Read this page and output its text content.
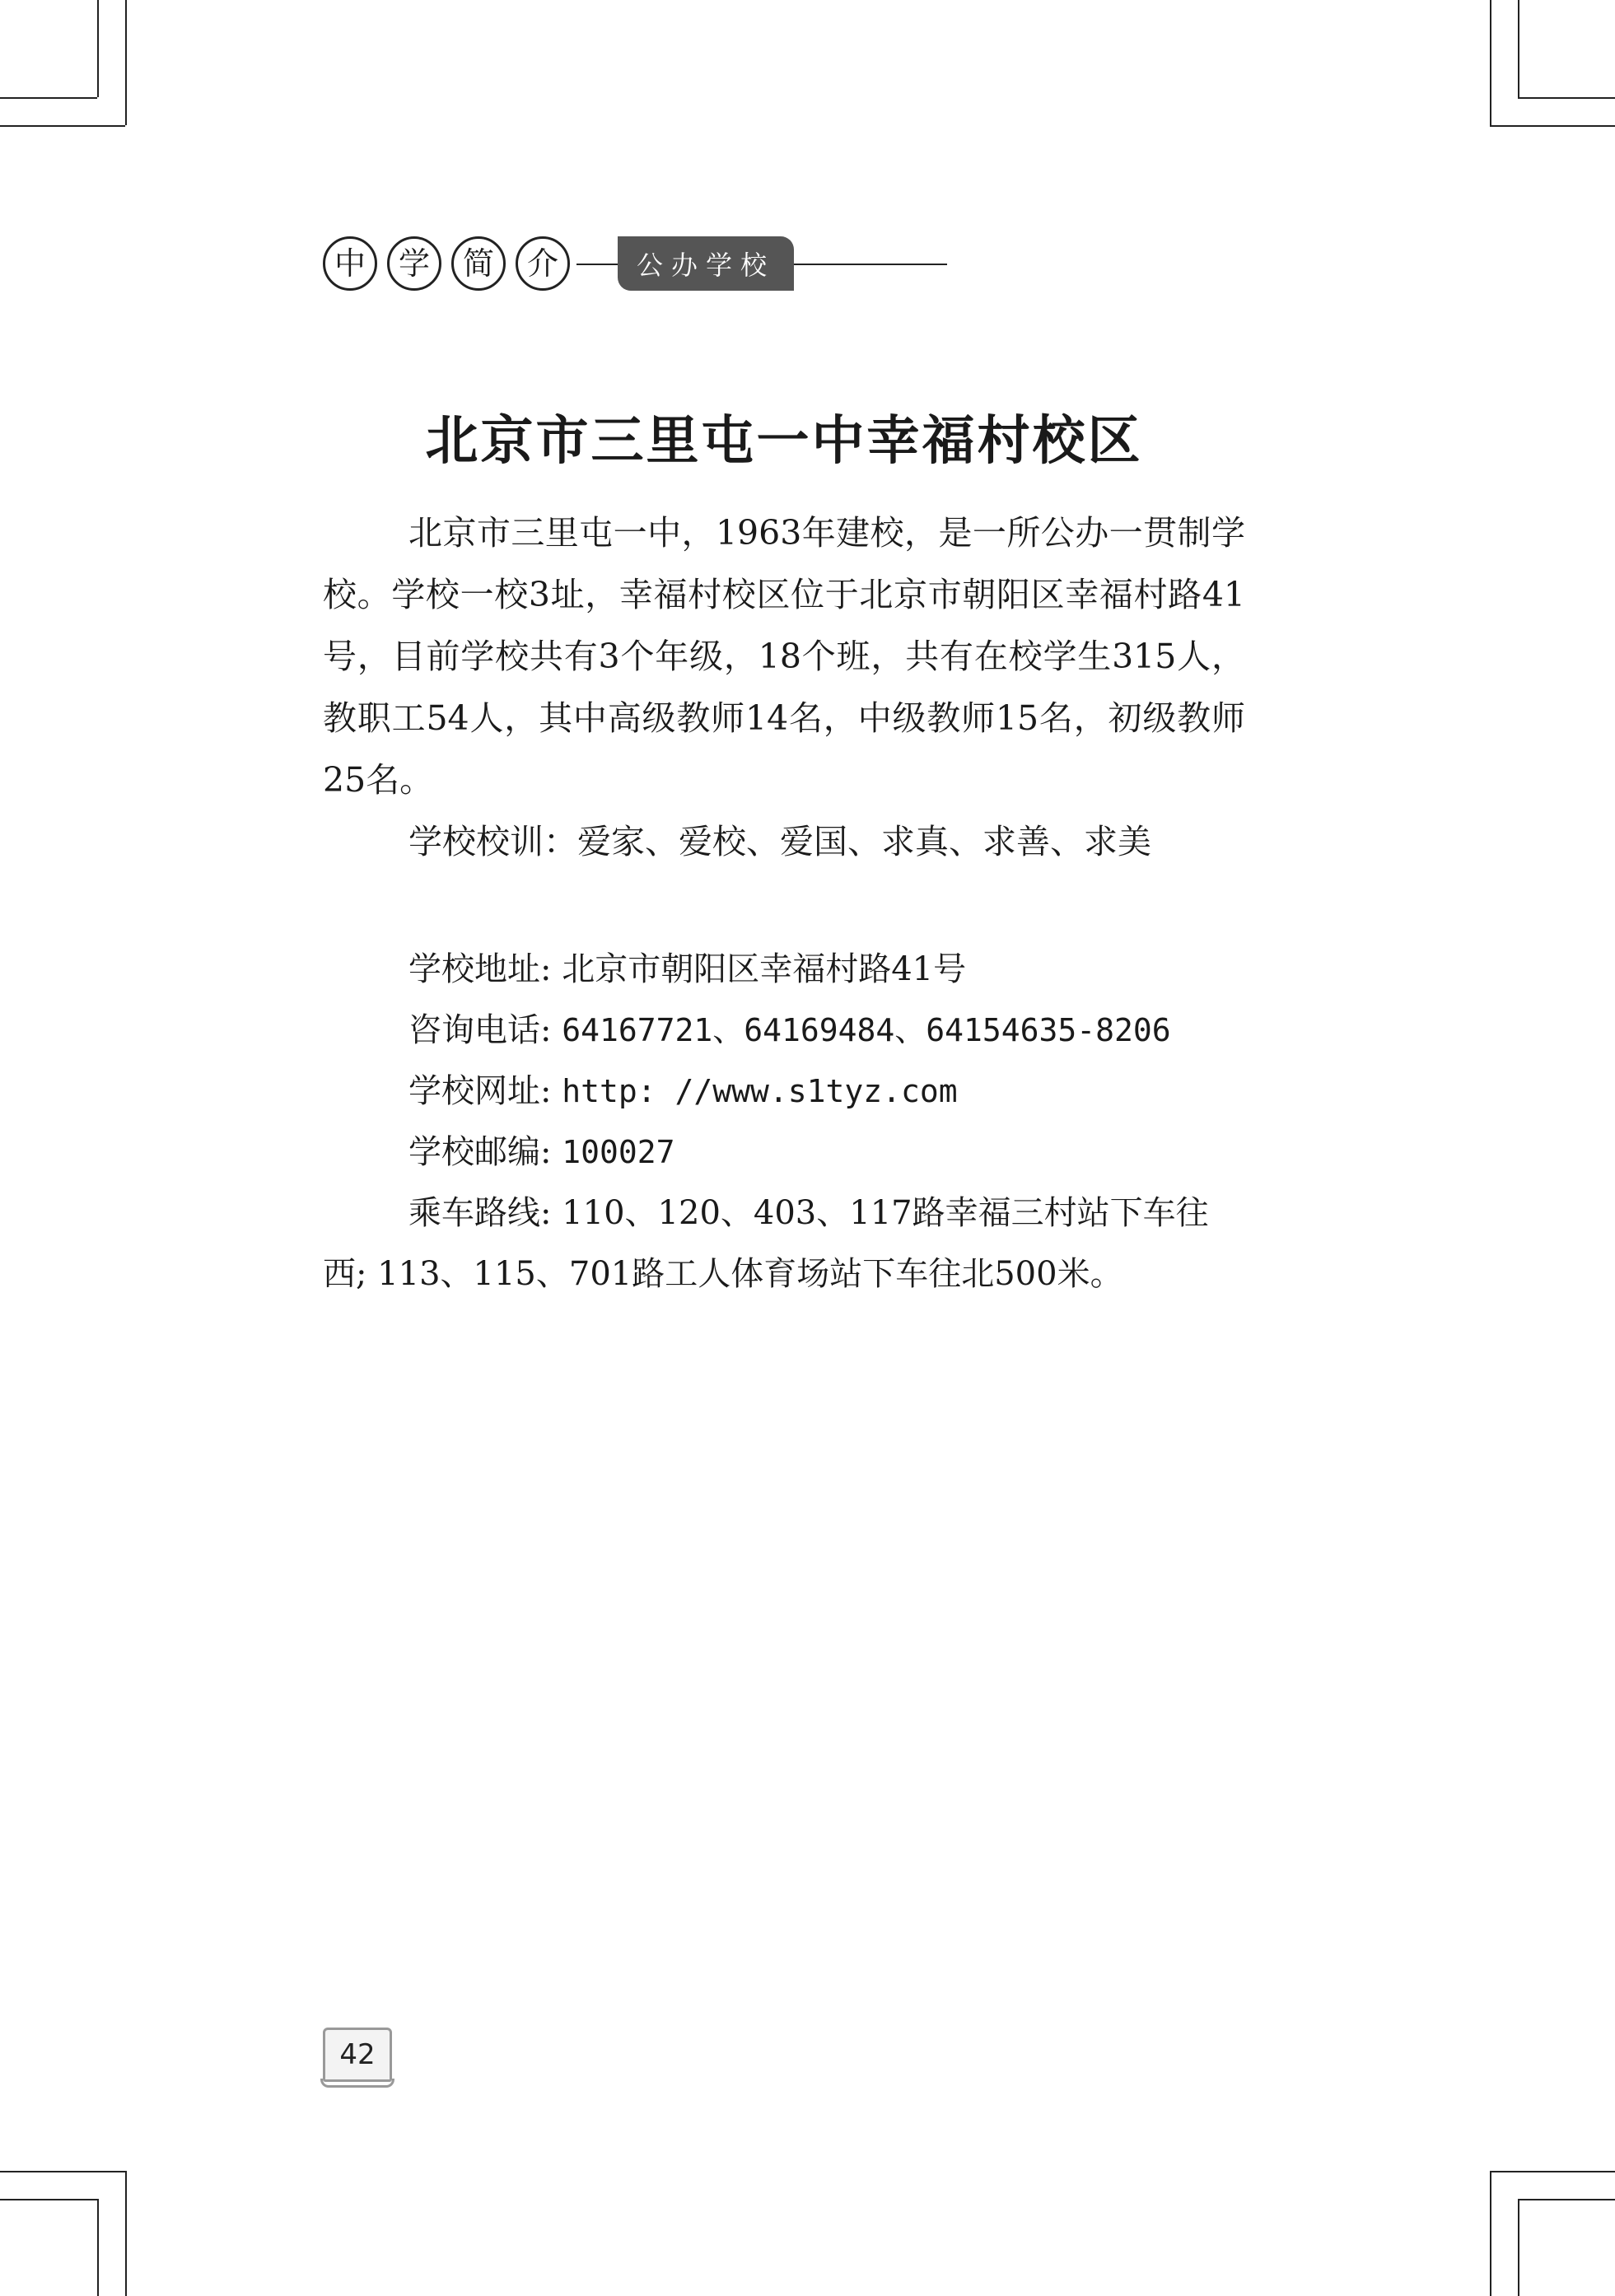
中	学	简	介	公办学校
北京市三里屯一中幸福村校区

北京市三里屯一中，1963年建校，是一所公办一贯制学校。学校一校3址，幸福村校区位于北京市朝阳区幸福村路41号，目前学校共有3个年级，18个班，共有在校学生315人，教职工54人，其中高级教师14名，中级教师15名，初级教师25名。

学校校训：爱家、爱校、爱国、求真、求善、求美

学校地址: 北京市朝阳区幸福村路41号

咨询电话: 64167721、64169484、64154635-8206

学校网址: http: //www.s1tyz.com

学校邮编: 100027

乘车路线: 110、120、403、117路幸福三村站下车往西; 113、115、701路工人体育场站下车往北500米。

42
